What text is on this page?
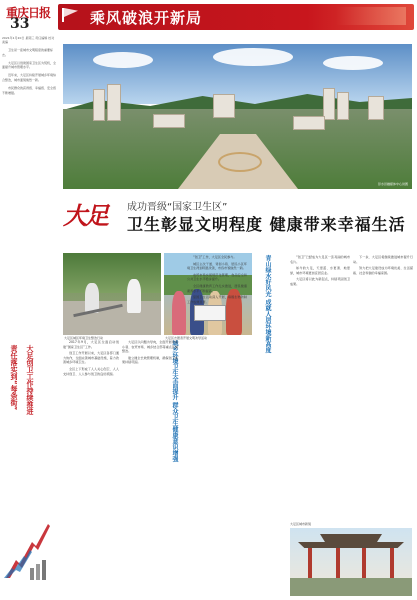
重庆日报
33
2021年1月20日 星期三 责任编辑 校对 美编
乘风破浪开新局

卫生是一座城市文明程度的重要标志。

大足区以创建国家卫生区为契机，全面提升城市管理水平。

近年来，大足区持续开展城乡环境综合整治，城市面貌焕然一新。

市民群众的获得感、幸福感、安全感不断增强。

责任落实到“每条街”	大足创卫工作持续推进
彭水县融媒体中心供图
大足 成功晋级“国家卫生区”
卫生彰显文明程度 健康带来幸福生活
大足区城区环境卫生整治行动	大足区志愿者开展文明劝导活动
城乡环境卫生全面提升 群众卫生健康意识增强

2017年9月，大足区全面启动创建“国家卫生区”工作。

创卫工作开展以来，大足区各部门通力协作，全面完善城市基础设施，着力改善城乡环境卫生。

全区上下形成了人人关心创卫、人人支持创卫、人人参与创卫的良好氛围。

大足区以问题为导向，全面开展背街小巷、农贸市场、城乡结合部等重点区域整治。

建立健全长效管理机制，确保创卫成果持续巩固。

“创卫”工作，大足区全民参与。

城区主次干道、背街小巷、居民小区环境卫生得到明显改善，市容市貌焕然一新。

农贸市场实现规范化管理，食品安全和公共卫生水平稳步提升。

全区健康教育工作扎实推进，居民健康素养水平不断提高。

爱国卫生运动深入开展，病媒生物防制工作成效显著。	青山绿水好风光 成就人居环境新高度	“创卫”已经成为大足区一张亮丽的城市名片。

如今的大足，天更蓝、水更清、地更绿，城市环境更加宜居宜业。

大足区将以此为新起点，持续巩固创卫成果。

下一步，大足区将继续推进城市提升行动。

努力把大足建设成为环境优美、生活富裕、社会和谐的幸福家园。

大足区城市新貌
